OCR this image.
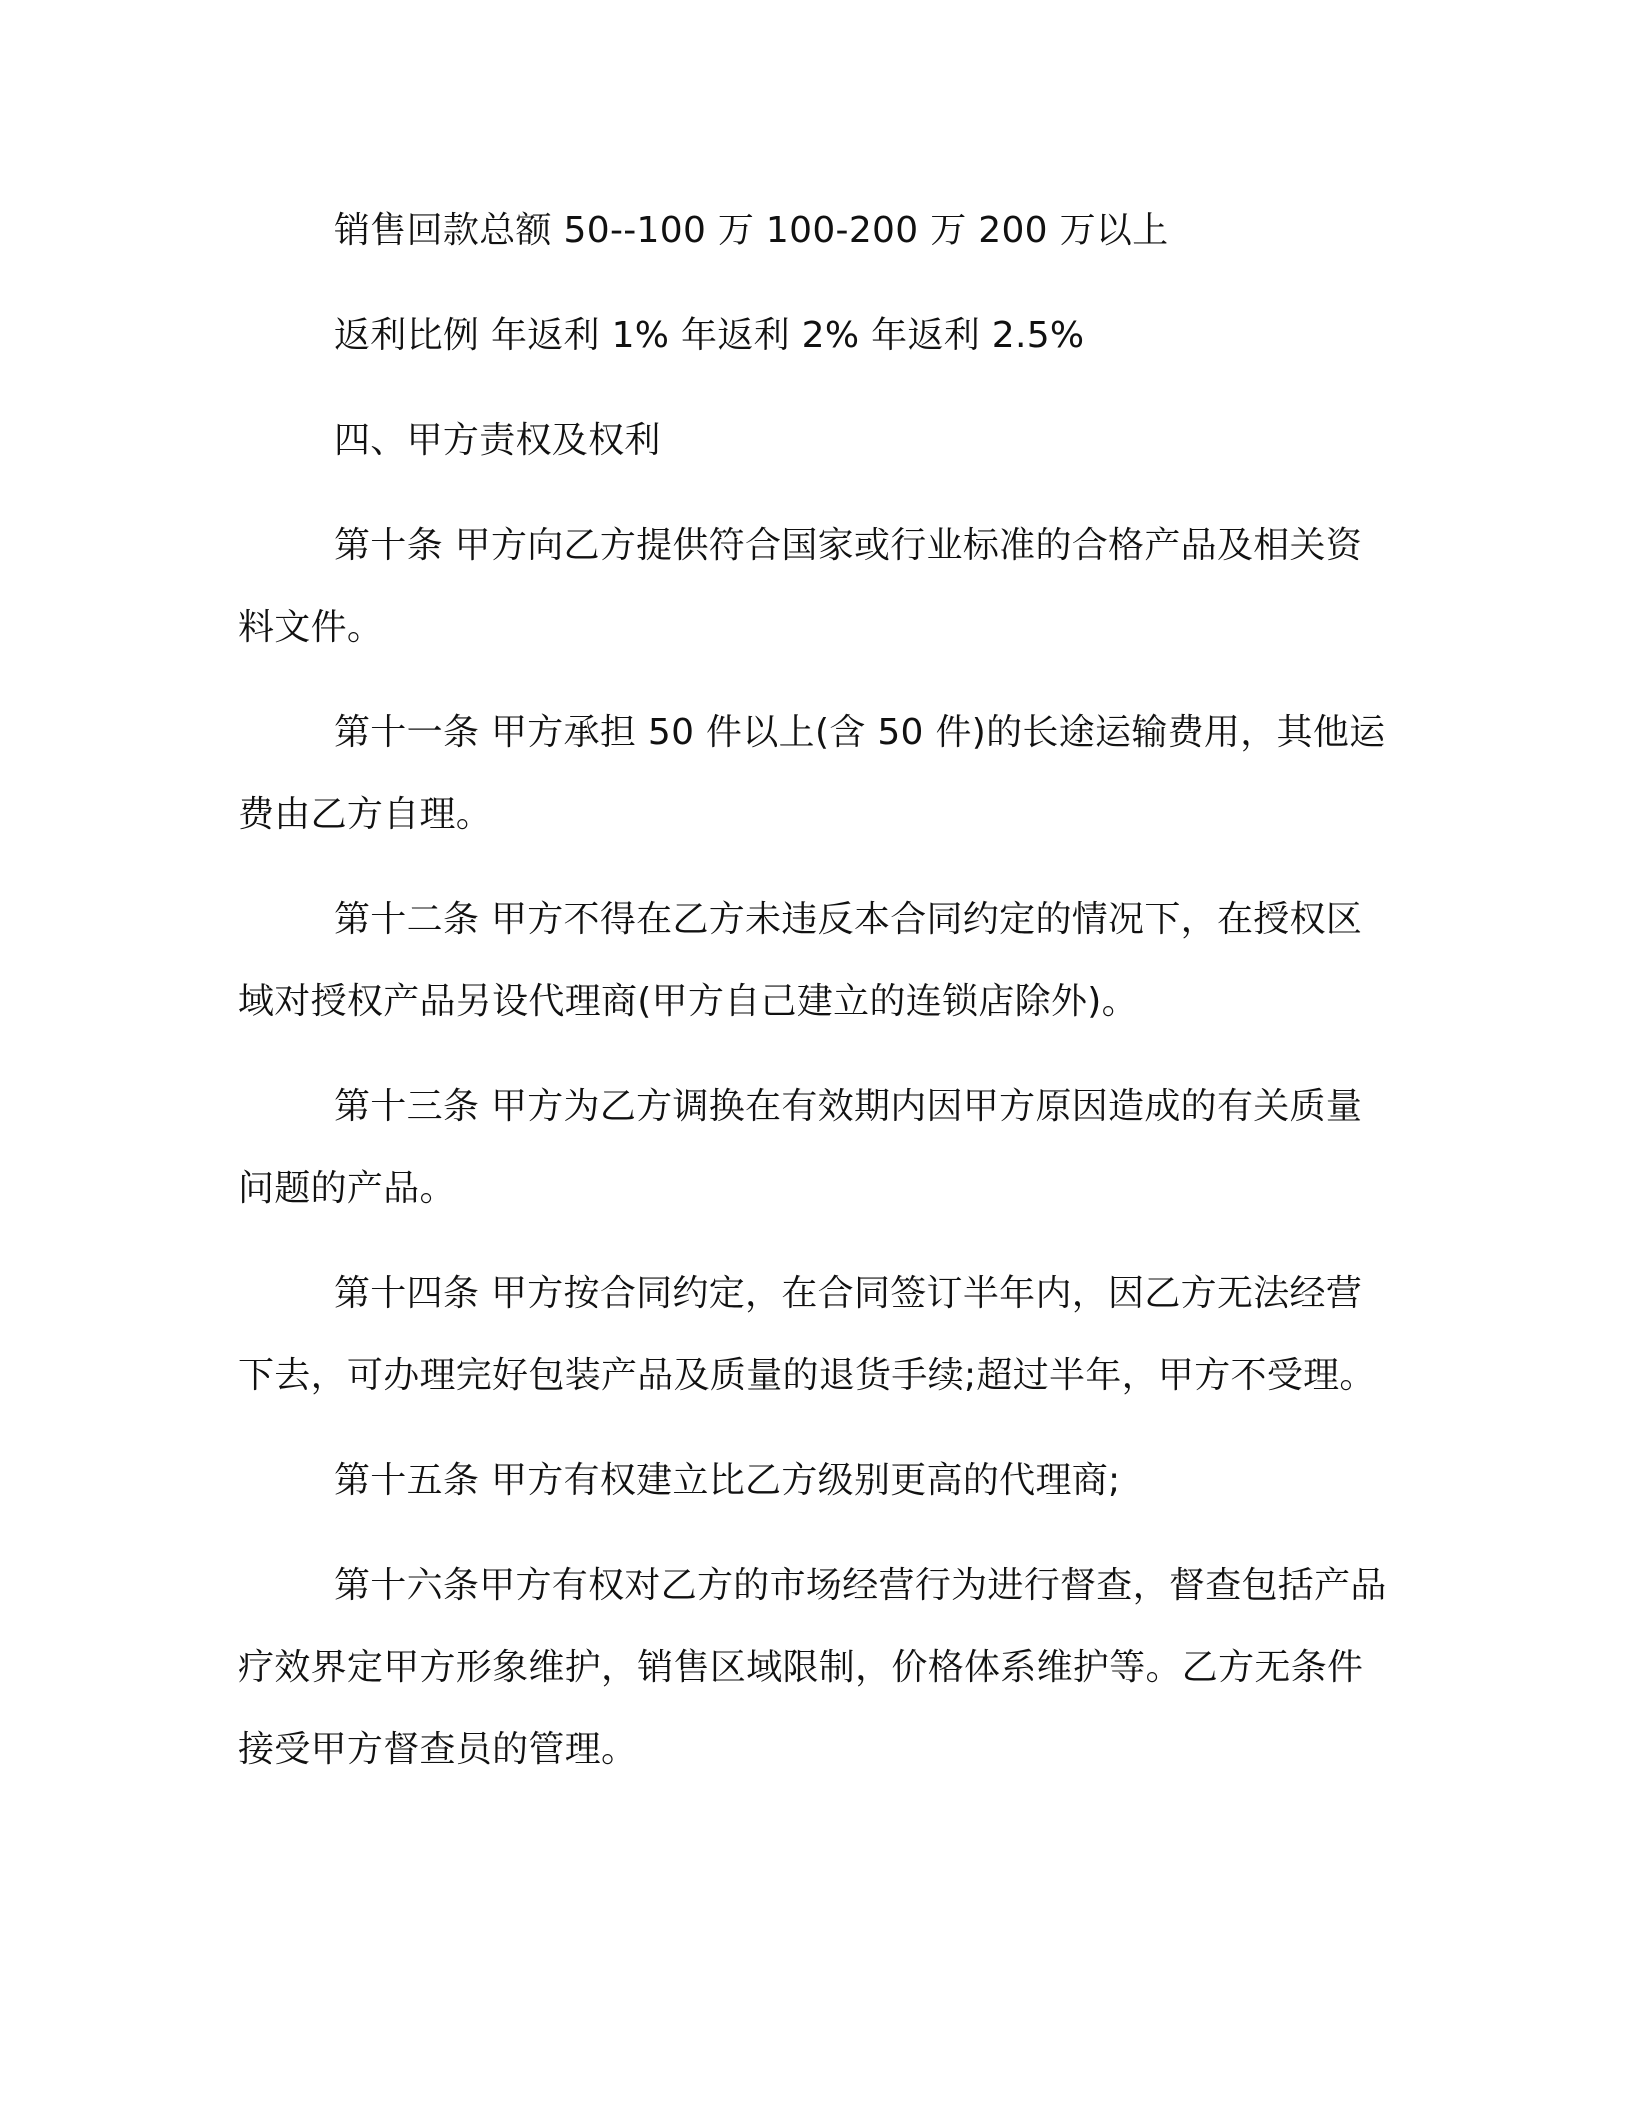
销售回款总额 50--100 万 100-200 万 200 万以上

返利比例 年返利 1% 年返利 2% 年返利 2.5%

四、甲方责权及权利

第十条 甲方向乙方提供符合国家或行业标准的合格产品及相关资料文件。

第十一条 甲方承担 50 件以上(含 50 件)的长途运输费用，其他运费由乙方自理。

第十二条 甲方不得在乙方未违反本合同约定的情况下，在授权区域对授权产品另设代理商(甲方自己建立的连锁店除外)。

第十三条 甲方为乙方调换在有效期内因甲方原因造成的有关质量问题的产品。

第十四条 甲方按合同约定，在合同签订半年内，因乙方无法经营下去，可办理完好包装产品及质量的退货手续;超过半年，甲方不受理。

第十五条 甲方有权建立比乙方级别更高的代理商;

第十六条甲方有权对乙方的市场经营行为进行督查，督查包括产品疗效界定甲方形象维护，销售区域限制，价格体系维护等。乙方无条件接受甲方督查员的管理。
